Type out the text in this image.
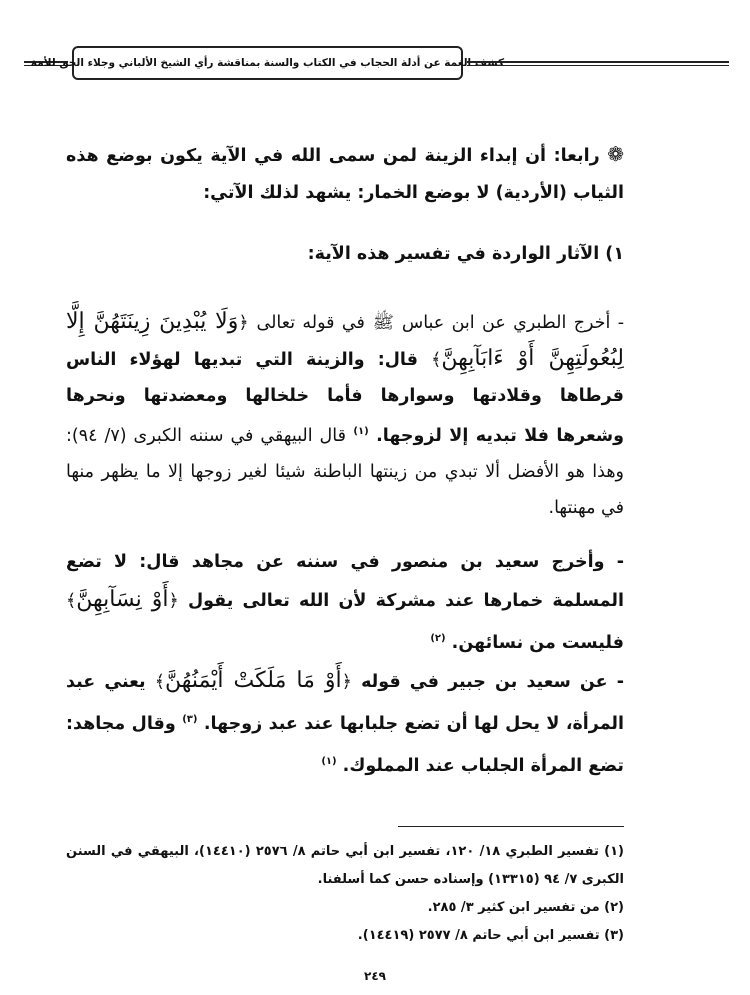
كشف الغمة عن أدلة الحجاب في الكتاب والسنة بمناقشة رأي الشيخ الألباني وجلاء الحق للأمة
❁ رابعا: أن إبداء الزينة لمن سمى الله في الآية يكون بوضع هذه الثياب (الأردية) لا بوضع الخمار: يشهد لذلك الآتي:
١) الآثار الواردة في تفسير هذه الآية:
- أخرج الطبري عن ابن عباس ﷺ في قوله تعالى ﴿وَلَا يُبْدِينَ زِينَتَهُنَّ إِلَّا لِبُعُولَتِهِنَّ أَوْ ءَابَآبِهِنَّ﴾ قال: والزينة التي تبديها لهؤلاء الناس قرطاها وقلادتها وسوارها فأما خلخالها ومعضدتها ونحرها وشعرها فلا تبديه إلا لزوجها. $^{(١)}$ قال البيهقي في سننه الكبرى (٧/ ٩٤): وهذا هو الأفضل ألا تبدي من زينتها الباطنة شيئا لغير زوجها إلا ما يظهر منها في مهنتها.
- وأخرج سعيد بن منصور في سننه عن مجاهد قال: لا تضع المسلمة خمارها عند مشركة لأن الله تعالى يقول ﴿أَوْ نِسَآبِهِنَّ﴾ فليست من نسائهن. $^{(٢)}$
- عن سعيد بن جبير في قوله ﴿أَوْ مَا مَلَكَتْ أَيْمَنُهُنَّ﴾ يعني عبد المرأة، لا يحل لها أن تضع جلبابها عند عبد زوجها. $^{(٣)}$ وقال مجاهد: تضع المرأة الجلباب عند المملوك. $^{(١)}$
(١) تفسير الطبري ١٨/ ١٢٠، تفسير ابن أبي حاتم ٨/ ٢٥٧٦ (١٤٤١٠)، البيهقي في السنن الكبرى ٧/ ٩٤ (١٣٣١٥) وإسناده حسن كما أسلفنا.
(٢) من تفسير ابن كثير ٣/ ٢٨٥.
(٣) تفسير ابن أبي حاتم ٨/ ٢٥٧٧ (١٤٤١٩).
٢٤٩
